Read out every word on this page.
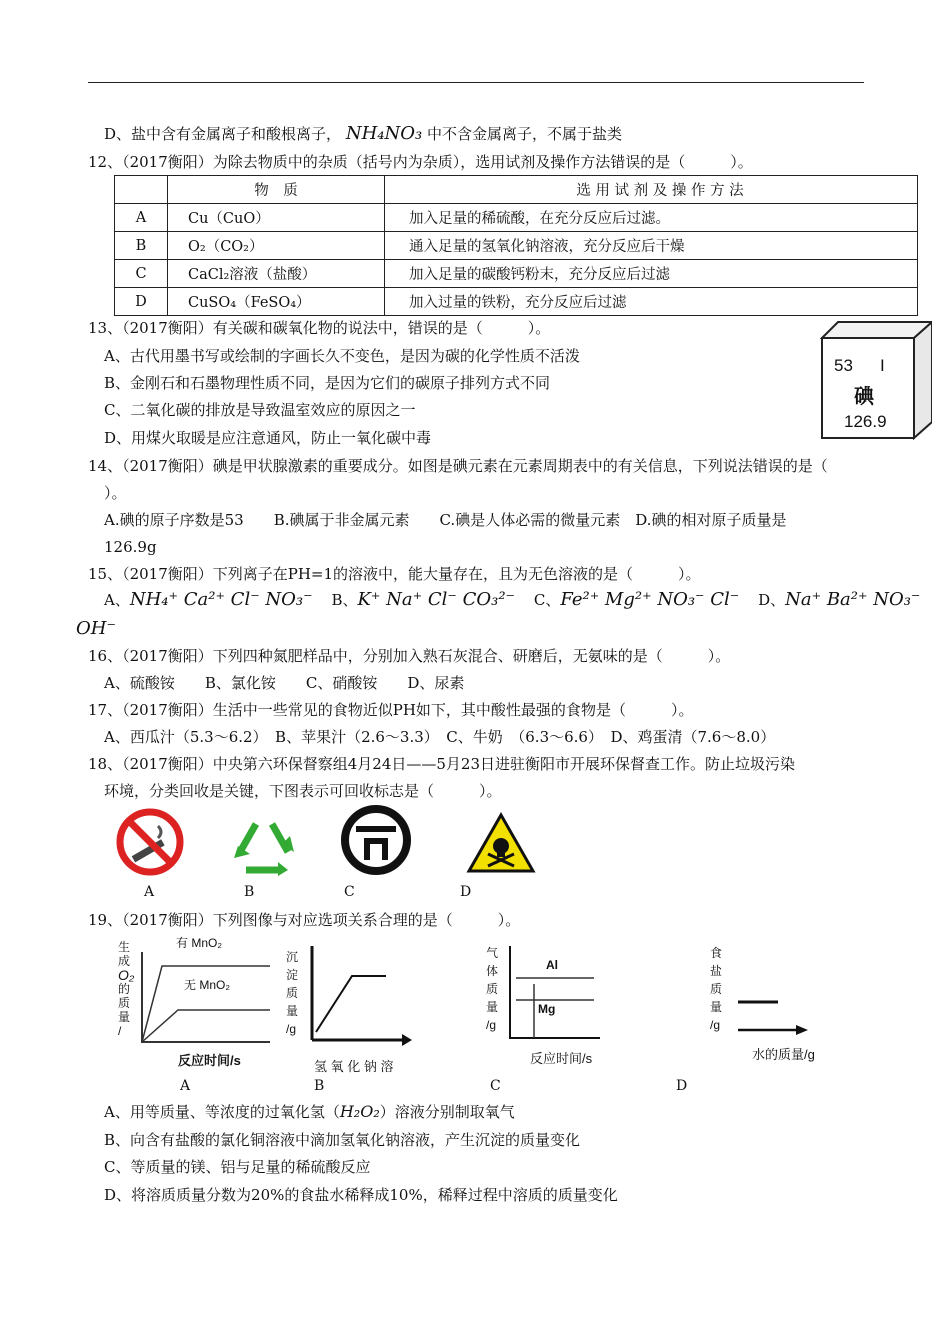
D、盐中含有金属离子和酸根离子， NH₄NO₃ 中不含金属离子，不属于盐类
12、（2017衡阳）为除去物质中的杂质（括号内为杂质），选用试剂及操作方法错误的是（　　　）。
	物　质	选 用 试 剂 及 操 作 方 法
A	Cu（CuO）	加入足量的稀硫酸，在充分反应后过滤。
B	O₂（CO₂）	通入足量的氢氧化钠溶液，充分反应后干燥
C	CaCl₂溶液（盐酸）	加入足量的碳酸钙粉末，充分反应后过滤
D	CuSO₄（FeSO₄）	加入过量的铁粉，充分反应后过滤
13、（2017衡阳）有关碳和碳氧化物的说法中，错误的是（　　　）。
A、古代用墨书写或绘制的字画长久不变色，是因为碳的化学性质不活泼
B、金刚石和石墨物理性质不同，是因为它们的碳原子排列方式不同
C、二氧化碳的排放是导致温室效应的原因之一
D、用煤火取暖是应注意通风，防止一氧化碳中毒
53 I
碘
126.9
14、（2017衡阳）碘是甲状腺激素的重要成分。如图是碘元素在元素周期表中的有关信息，下列说法错误的是（
）。
A.碘的原子序数是53　　B.碘属于非金属元素　　C.碘是人体必需的微量元素　D.碘的相对原子质量是
126.9g
15、（2017衡阳）下列离子在PH=1的溶液中，能大量存在，且为无色溶液的是（　　　）。
A、NH₄⁺ Ca²⁺ Cl⁻ NO₃⁻ B、K⁺ Na⁺ Cl⁻ CO₃²⁻ C、Fe²⁺ Mg²⁺ NO₃⁻ Cl⁻ D、Na⁺ Ba²⁺ NO₃⁻
OH⁻
16、（2017衡阳）下列四种氮肥样品中，分别加入熟石灰混合、研磨后，无氨味的是（　　　）。
A、硫酸铵　　B、氯化铵　　C、硝酸铵　　D、尿素
17、（2017衡阳）生活中一些常见的食物近似PH如下，其中酸性最强的食物是（　　　）。
A、西瓜汁（5.3～6.2）　B、苹果汁（2.6～3.3）　C、牛奶　（6.3～6.6）　D、鸡蛋清（7.6～8.0）
18、（2017衡阳）中央第六环保督察组4月24日——5月23日进驻衡阳市开展环保督查工作。防止垃圾污染
环境，分类回收是关键，下图表示可回收标志是（　　　）。
A	B	C	D
19、（2017衡阳）下列图像与对应选项关系合理的是（　　　）。
生
成
O₂
的
质
量
/
有 MnO₂
无 MnO₂
反应时间/s
沉
淀
质
量
/g
氢 氧 化 钠 溶
气
体
质
量
/g
Al
Mg
反应时间/s
食
盐
质
量
/g
水的质量/g
A	B	C	D
A、用等质量、等浓度的过氧化氢（H₂O₂）溶液分别制取氧气
B、向含有盐酸的氯化铜溶液中滴加氢氧化钠溶液，产生沉淀的质量变化
C、等质量的镁、铝与足量的稀硫酸反应
D、将溶质质量分数为20%的食盐水稀释成10%，稀释过程中溶质的质量变化
